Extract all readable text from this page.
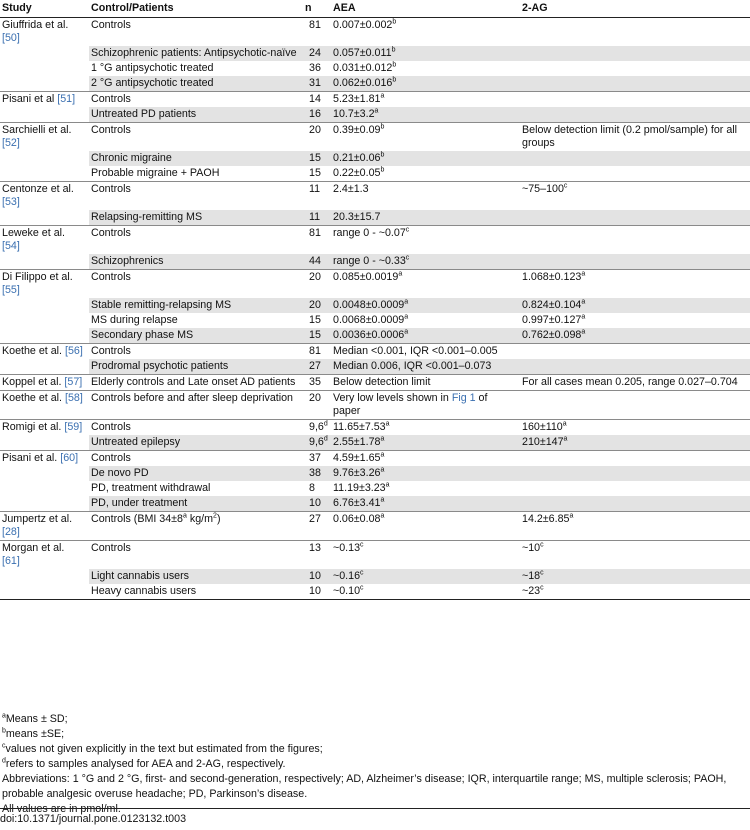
Study	Control/Patients	n	AEA	2-AG
Giuffrida et al. [50]	Controls	81	0.007±0.002$^b$	
	Schizophrenic patients: Antipsychotic-naïve	24	0.057±0.011$^b$	
	1 °G antipsychotic treated	36	0.031±0.012$^b$	
	2 °G antipsychotic treated	31	0.062±0.016$^b$	
Pisani et al [51]	Controls	14	5.23±1.81$^a$	
	Untreated PD patients	16	10.7±3.2$^a$	
Sarchielli et al. [52]	Controls	20	0.39±0.09$^b$	Below detection limit (0.2 pmol/sample) for all groups
	Chronic migraine	15	0.21±0.06$^b$	
	Probable migraine + PAOH	15	0.22±0.05$^b$	
Centonze et al. [53]	Controls	11	2.4±1.3	~75–100$^c$
	Relapsing-remitting MS	11	20.3±15.7	
Leweke et al. [54]	Controls	81	range 0 - ~0.07$^c$	
	Schizophrenics	44	range 0 - ~0.33$^c$	
Di Filippo et al. [55]	Controls	20	0.085±0.0019$^a$	1.068±0.123$^a$
	Stable remitting-relapsing MS	20	0.0048±0.0009$^a$	0.824±0.104$^a$
	MS during relapse	15	0.0068±0.0009$^a$	0.997±0.127$^a$
	Secondary phase MS	15	0.0036±0.0006$^a$	0.762±0.098$^a$
Koethe et al. [56]	Controls	81	Median <0.001, IQR <0.001–0.005	
	Prodromal psychotic patients	27	Median 0.006, IQR <0.001–0.073	
Koppel et al. [57]	Elderly controls and Late onset AD patients	35	Below detection limit	For all cases mean 0.205, range 0.027–0.704
Koethe et al. [58]	Controls before and after sleep deprivation	20	Very low levels shown in Fig 1 of paper	
Romigi et al. [59]	Controls	9,6$^d$	11.65±7.53$^a$	$160\pm 110^a$
	Untreated epilepsy	9,6$^d$	2.55±1.78$^a$	$210\pm 147^a$
Pisani et al. [60]	Controls	37	4.59±1.65$^a$	
	De novo PD	38	9.76±3.26$^a$	
	PD, treatment withdrawal	8	11.19±3.23$^a$	
	PD, under treatment	10	6.76±3.41$^a$	
Jumpertz et al. [28]	Controls (BMI $34\pm 8^a$ $kg/m^2$)	27	0.06±0.08$^a$	14.2±6.85$^a$
Morgan et al. [61]	Controls	13	~0.13$^c$	~10$^c$
	Light cannabis users	10	~0.16$^c$	~18$^c$
	Heavy cannabis users	10	~0.10$^c$	~23$^c$
$^a$Means ± SD;
$^b$means ±SE;
$^c$values not given explicitly in the text but estimated from the figures;
$^d$refers to samples analysed for AEA and 2-AG, respectively.
Abbreviations: 1 °G and 2 °G, first- and second-generation, respectively; AD, Alzheimer’s disease; IQR, interquartile range; MS, multiple sclerosis; PAOH, probable analgesic overuse headache; PD, Parkinson’s disease.
All values are in pmol/ml.
doi:10.1371/journal.pone.0123132.t003
